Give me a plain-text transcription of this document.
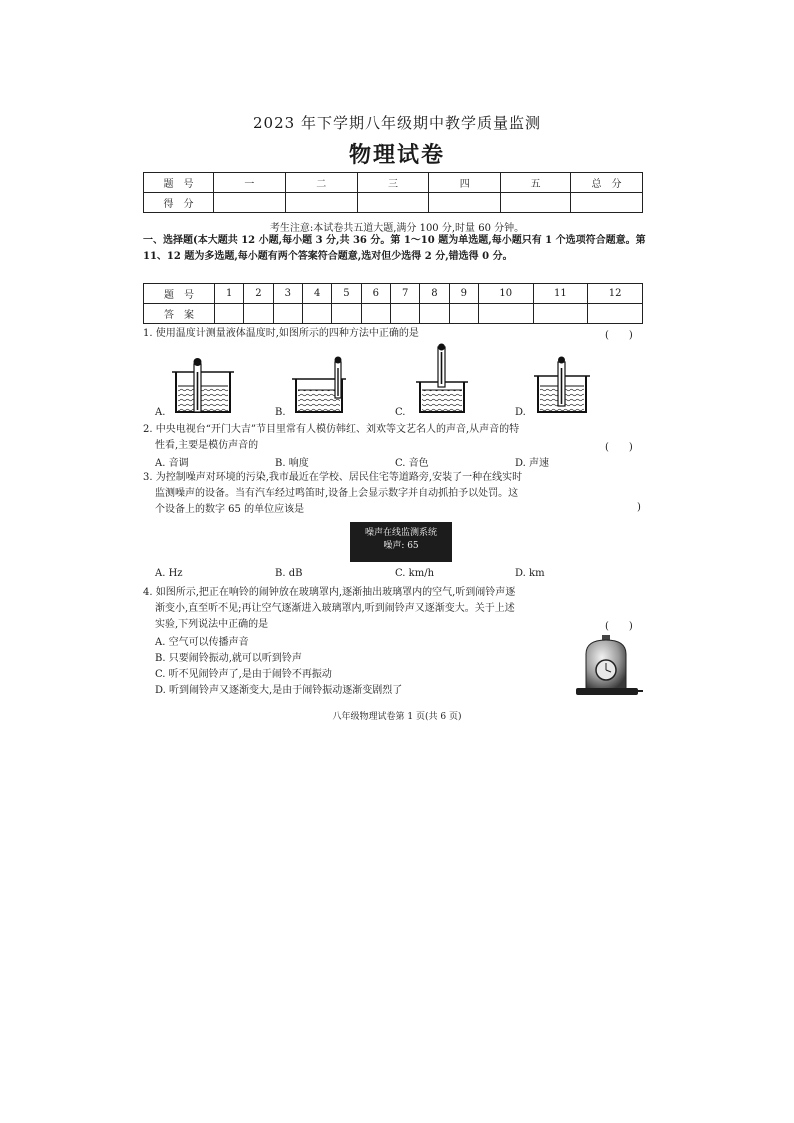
2023 年下学期八年级期中教学质量监测
物理试卷
题　号	一	二	三	四	五	总　分
得　分						
考生注意:本试卷共五道大题,满分 100 分,时量 60 分钟。
一、选择题(本大题共 12 小题,每小题 3 分,共 36 分。第 1～10 题为单选题,每小题只有 1 个选项符合题意。第 11、12 题为多选题,每小题有两个答案符合题意,选对但少选得 2 分,错选得 0 分。
题　号	1	2	3	4	5	6	7	8	9	10	11	12
答　案												
1. 使用温度计测量液体温度时,如图所示的四种方法中正确的是	(　　)
A.	B.	C.	D.
2. 中央电视台“开门大吉”节目里常有人模仿韩红、刘欢等文艺名人的声音,从声音的特
性看,主要是模仿声音的	(　　)
A. 音调	B. 响度	C. 音色	D. 声速
3. 为控制噪声对环境的污染,我市最近在学校、居民住宅等道路旁,安装了一种在线实时
监测噪声的设备。当有汽车经过鸣笛时,设备上会显示数字并自动抓拍予以处罚。这
个设备上的数字 65 的单位应该是	)
噪声在线监测系统
噪声: 65
A. Hz	B. dB	C. km/h	D. km
4. 如图所示,把正在响铃的闹钟放在玻璃罩内,逐渐抽出玻璃罩内的空气,听到闹铃声逐
渐变小,直至听不见;再让空气逐渐进入玻璃罩内,听到闹铃声又逐渐变大。关于上述
实验,下列说法中正确的是	(　　)
A. 空气可以传播声音
B. 只要闹铃振动,就可以听到铃声
C. 听不见闹铃声了,是由于闹铃不再振动
D. 听到闹铃声又逐渐变大,是由于闹铃振动逐渐变剧烈了
八年级物理试卷第 1 页(共 6 页)
